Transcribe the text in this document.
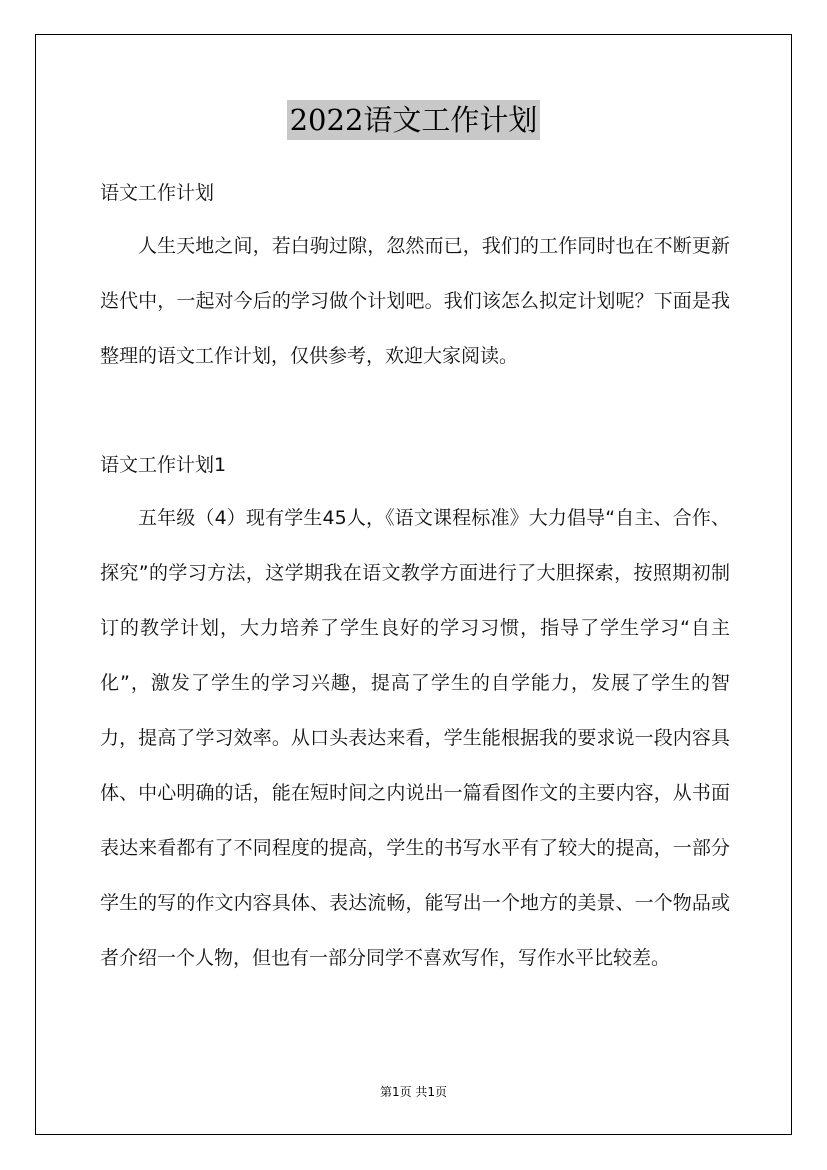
2022语文工作计划
语文工作计划
人生天地之间，若白驹过隙，忽然而已，我们的工作同时也在不断更新迭代中，一起对今后的学习做个计划吧。我们该怎么拟定计划呢？下面是我整理的语文工作计划，仅供参考，欢迎大家阅读。
语文工作计划1
五年级（4）现有学生45人，《语文课程标准》大力倡导“自主、合作、探究”的学习方法，这学期我在语文教学方面进行了大胆探索，按照期初制订的教学计划，大力培养了学生良好的学习习惯，指导了学生学习“自主化”，激发了学生的学习兴趣，提高了学生的自学能力，发展了学生的智力，提高了学习效率。从口头表达来看，学生能根据我的要求说一段内容具体、中心明确的话，能在短时间之内说出一篇看图作文的主要内容，从书面表达来看都有了不同程度的提高，学生的书写水平有了较大的提高，一部分学生的写的作文内容具体、表达流畅，能写出一个地方的美景、一个物品或者介绍一个人物，但也有一部分同学不喜欢写作，写作水平比较差。
第1页 共1页
